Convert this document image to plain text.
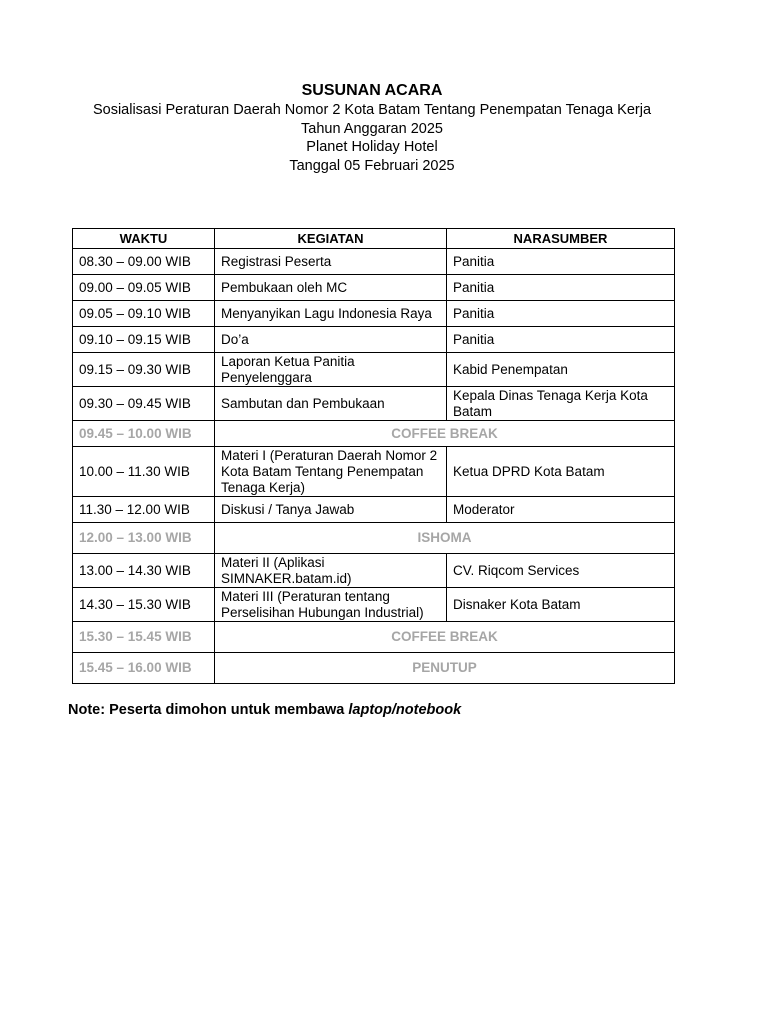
SUSUNAN ACARA
Sosialisasi Peraturan Daerah Nomor 2 Kota Batam Tentang Penempatan Tenaga Kerja
Tahun Anggaran 2025
Planet Holiday Hotel
Tanggal 05 Februari 2025
WAKTU	KEGIATAN	NARASUMBER
08.30 – 09.00 WIB	Registrasi Peserta	Panitia
09.00 – 09.05 WIB	Pembukaan oleh MC	Panitia
09.05 – 09.10 WIB	Menyanyikan Lagu Indonesia Raya	Panitia
09.10 – 09.15 WIB	Do’a	Panitia
09.15 – 09.30 WIB	Laporan Ketua Panitia Penyelenggara	Kabid Penempatan
09.30 – 09.45 WIB	Sambutan dan Pembukaan	Kepala Dinas Tenaga Kerja Kota Batam
09.45 – 10.00 WIB	COFFEE BREAK	
10.00 – 11.30 WIB	Materi I (Peraturan Daerah Nomor 2 Kota Batam Tentang Penempatan Tenaga Kerja)	Ketua DPRD Kota Batam
11.30 – 12.00 WIB	Diskusi / Tanya Jawab	Moderator
12.00 – 13.00 WIB	ISHOMA	
13.00 – 14.30 WIB	Materi II (Aplikasi SIMNAKER.batam.id)	CV. Riqcom Services
14.30 – 15.30 WIB	Materi III (Peraturan tentang Perselisihan Hubungan Industrial)	Disnaker Kota Batam
15.30 – 15.45 WIB	COFFEE BREAK	
15.45 – 16.00 WIB	PENUTUP	
Note: Peserta dimohon untuk membawa laptop/notebook
